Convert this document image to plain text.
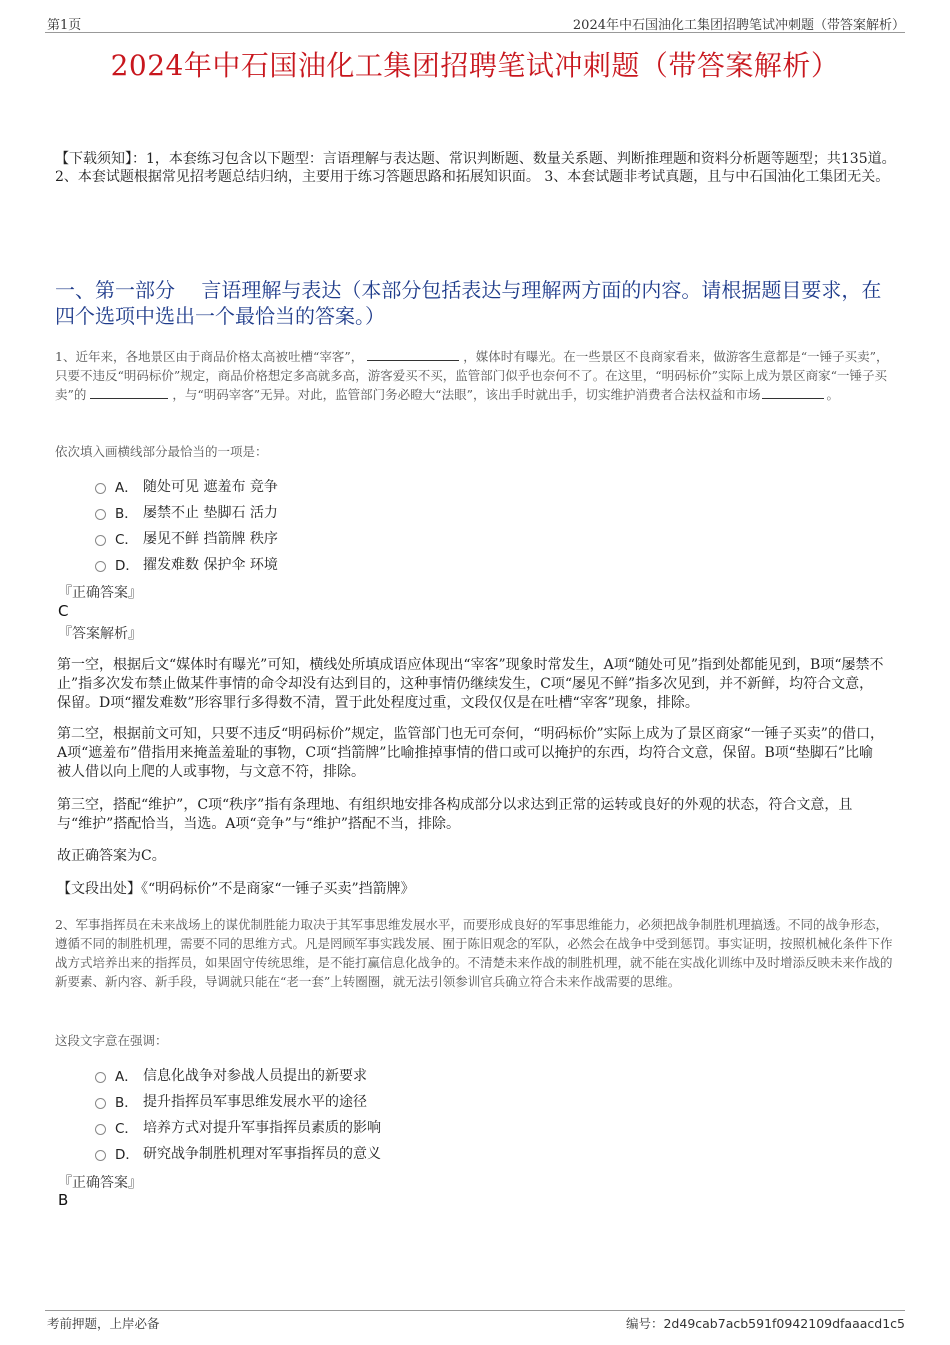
第1页	2024年中石国油化工集团招聘笔试冲刺题（带答案解析）
2024年中石国油化工集团招聘笔试冲刺题（带答案解析）
【下载须知】：1，本套练习包含以下题型：言语理解与表达题、常识判断题、数量关系题、判断推理题和资料分析题等题型；共135道。 2、本套试题根据常见招考题总结归纳，主要用于练习答题思路和拓展知识面。 3、本套试题非考试真题，且与中石国油化工集团无关。
一、第一部分　 言语理解与表达（本部分包括表达与理解两方面的内容。请根据题目要求，在四个选项中选出一个最恰当的答案。）
1、近年来，各地景区由于商品价格太高被吐槽“宰客”，	，媒体时有曝光。在一些景区不良商家看来，做游客生意都是“一锤子买卖”，只要不违反“明码标价”规定，商品价格想定多高就多高，游客爱买不买，监管部门似乎也奈何不了。在这里，“明码标价”实际上成为景区商家“一锤子买卖”的	，与“明码宰客”无异。对此，监管部门务必瞪大“法眼”，该出手时就出手，切实维护消费者合法权益和市场	。
依次填入画横线部分最恰当的一项是：
A． 随处可见 遮羞布 竞争
B． 屡禁不止 垫脚石 活力
C． 屡见不鲜 挡箭牌 秩序
D． 擢发难数 保护伞 环境
『正确答案』
C
『答案解析』
第一空，根据后文“媒体时有曝光”可知，横线处所填成语应体现出“宰客”现象时常发生，A项“随处可见”指到处都能见到，B项“屡禁不止”指多次发布禁止做某件事情的命令却没有达到目的，这种事情仍继续发生，C项“屡见不鲜”指多次见到，并不新鲜，均符合文意，保留。D项“擢发难数”形容罪行多得数不清，置于此处程度过重，文段仅仅是在吐槽“宰客”现象，排除。
第二空，根据前文可知，只要不违反“明码标价”规定，监管部门也无可奈何，“明码标价”实际上成为了景区商家“一锤子买卖”的借口，A项“遮羞布”借指用来掩盖羞耻的事物，C项“挡箭牌”比喻推掉事情的借口或可以掩护的东西，均符合文意，保留。B项“垫脚石”比喻被人借以向上爬的人或事物，与文意不符，排除。
第三空，搭配“维护”，C项“秩序”指有条理地、有组织地安排各构成部分以求达到正常的运转或良好的外观的状态，符合文意，且与“维护”搭配恰当，当选。A项“竞争”与“维护”搭配不当，排除。
故正确答案为C。
【文段出处】《“明码标价”不是商家“一锤子买卖”挡箭牌》
2、军事指挥员在未来战场上的谋优制胜能力取决于其军事思维发展水平，而要形成良好的军事思维能力，必须把战争制胜机理搞透。不同的战争形态，遵循不同的制胜机理，需要不同的思维方式。凡是罔顾军事实践发展、囿于陈旧观念的军队，必然会在战争中受到惩罚。事实证明，按照机械化条件下作战方式培养出来的指挥员，如果固守传统思维，是不能打赢信息化战争的。不清楚未来作战的制胜机理，就不能在实战化训练中及时增添反映未来作战的新要素、新内容、新手段，导调就只能在“老一套”上转圈圈，就无法引领参训官兵确立符合未来作战需要的思维。
这段文字意在强调：
A． 信息化战争对参战人员提出的新要求
B． 提升指挥员军事思维发展水平的途径
C． 培养方式对提升军事指挥员素质的影响
D． 研究战争制胜机理对军事指挥员的意义
『正确答案』
B
考前押题，上岸必备	编号：2d49cab7acb591f0942109dfaaacd1c5
